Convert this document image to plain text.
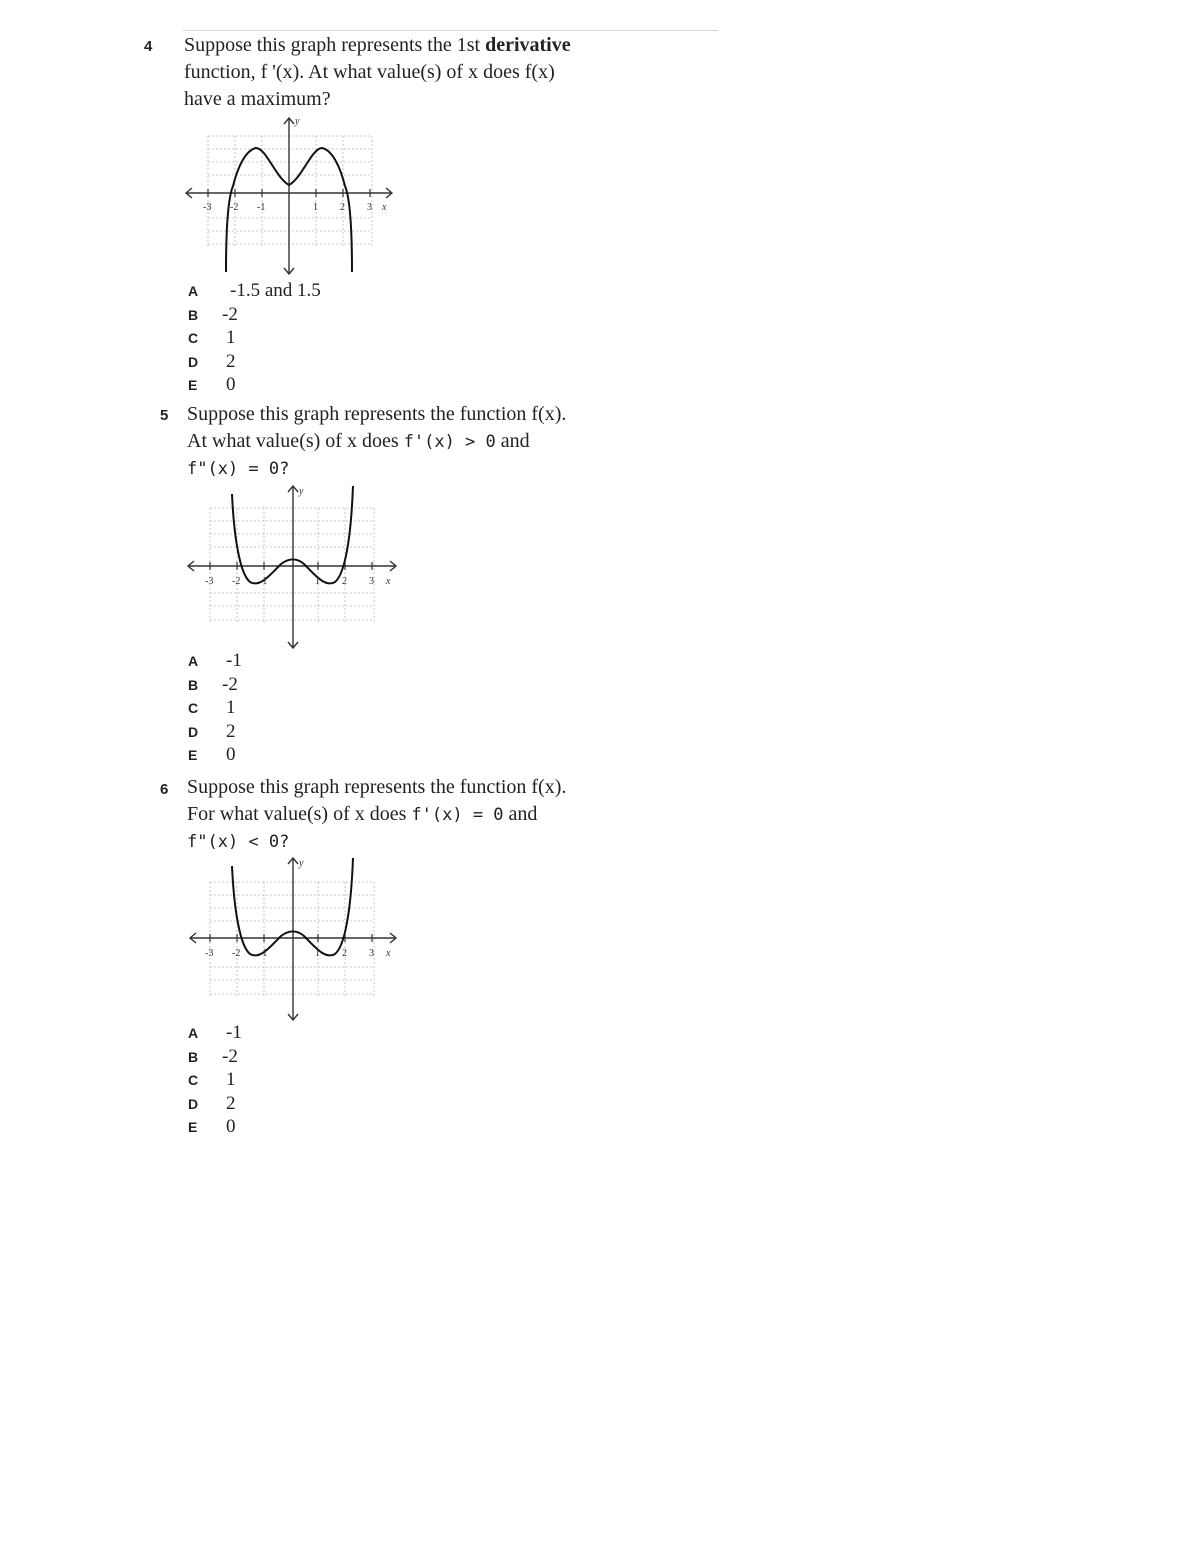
4 Suppose this graph represents the 1st derivative
function, f '(x). At what value(s) of x does f(x)
have a maximum?
-3 -2 -1	1 2 3 x
y
A	-1.5 and 1.5
B	-2
C	1
D	2
E	0
5 Suppose this graph represents the function f(x).
At what value(s) of x does f'(x) > 0 and
f"(x) = 0?
-3 -2 -1	1 2 3 x
y
A	-1
B	-2
C	1
D	2
E	0
6 Suppose this graph represents the function f(x).
For what value(s) of x does f'(x) = 0 and
f"(x) < 0?
-3 -2 -1	1 2 3 x
y
A	-1
B	-2
C	1
D	2
E	0
